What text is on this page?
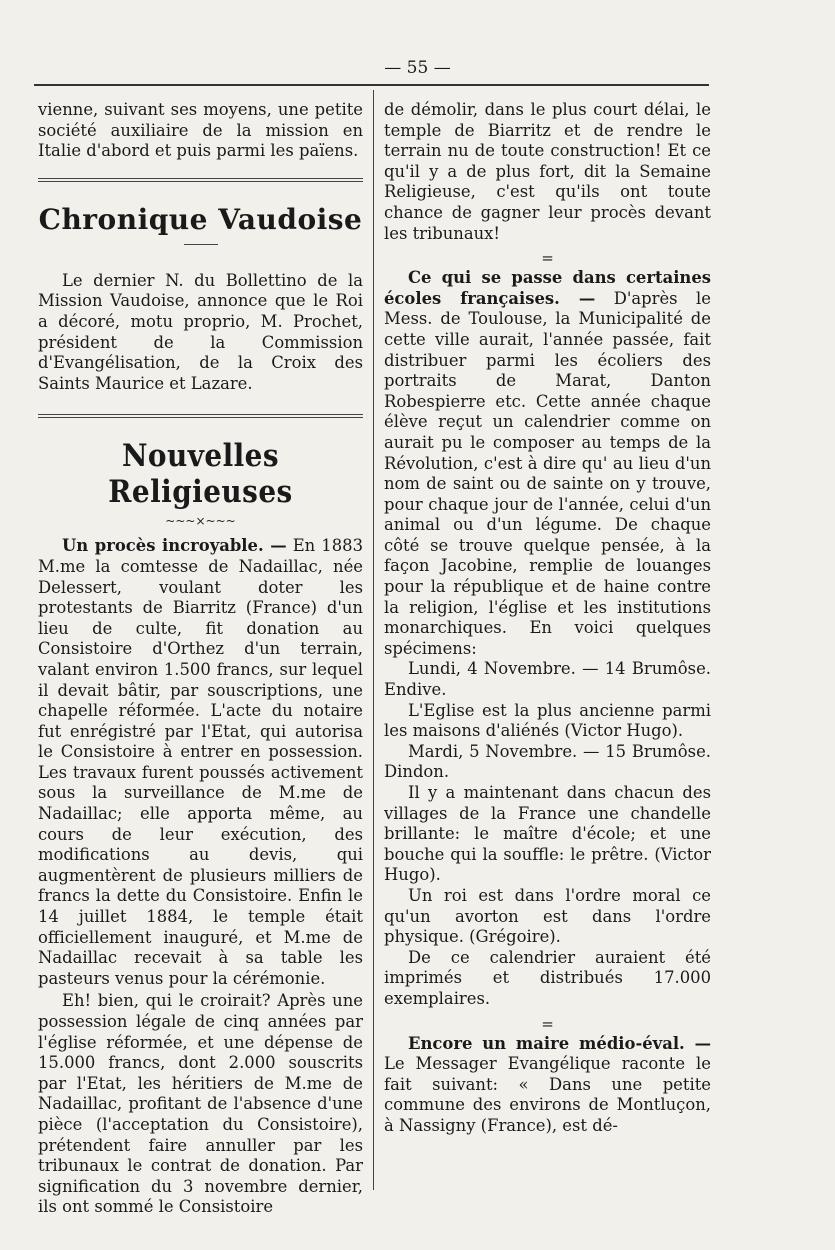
— 55 —

vienne, suivant ses moyens, une petite société auxiliaire de la mission en Italie d'abord et puis parmi les païens.

Chronique Vaudoise

Le dernier N. du Bollettino de la Mission Vaudoise, annonce que le Roi a décoré, motu proprio, M. Prochet, président de la Commission d'Evangélisation, de la Croix des Saints Maurice et Lazare.

Nouvelles Religieuses
~~~×~~~

Un procès incroyable. — En 1883 M.me la comtesse de Nadaillac, née Delessert, voulant doter les protestants de Biarritz (France) d'un lieu de culte, fit donation au Consistoire d'Orthez d'un terrain, valant environ 1.500 francs, sur lequel il devait bâtir, par souscriptions, une chapelle réformée. L'acte du notaire fut enrégistré par l'Etat, qui autorisa le Consistoire à entrer en possession. Les travaux furent poussés activement sous la surveillance de M.me de Nadaillac; elle apporta même, au cours de leur exécution, des modifications au devis, qui augmentèrent de plusieurs milliers de francs la dette du Consistoire. Enfin le 14 juillet 1884, le temple était officiellement inauguré, et M.me de Nadaillac recevait à sa table les pasteurs venus pour la cérémonie.

Eh! bien, qui le croirait? Après une possession légale de cinq années par l'église réformée, et une dépense de 15.000 francs, dont 2.000 souscrits par l'Etat, les héritiers de M.me de Nadaillac, profitant de l'absence d'une pièce (l'acceptation du Consistoire), prétendent faire annuller par les tribunaux le contrat de donation. Par signification du 3 novembre dernier, ils ont sommé le Consistoire

de démolir, dans le plus court délai, le temple de Biarritz et de rendre le terrain nu de toute construction! Et ce qu'il y a de plus fort, dit la Semaine Religieuse, c'est qu'ils ont toute chance de gagner leur procès devant les tribunaux!

=

Ce qui se passe dans certaines écoles françaises. — D'après le Mess. de Toulouse, la Municipalité de cette ville aurait, l'année passée, fait distribuer parmi les écoliers des portraits de Marat, Danton Robespierre etc. Cette année chaque élève reçut un calendrier comme on aurait pu le composer au temps de la Révolution, c'est à dire qu' au lieu d'un nom de saint ou de sainte on y trouve, pour chaque jour de l'année, celui d'un animal ou d'un légume. De chaque côté se trouve quelque pensée, à la façon Jacobine, remplie de louanges pour la république et de haine contre la religion, l'église et les institutions monarchiques. En voici quelques spécimens:

Lundi, 4 Novembre. — 14 Brumôse. Endive.

L'Eglise est la plus ancienne parmi les maisons d'aliénés (Victor Hugo).

Mardi, 5 Novembre. — 15 Brumôse. Dindon.

Il y a maintenant dans chacun des villages de la France une chandelle brillante: le maître d'école; et une bouche qui la souffle: le prêtre. (Victor Hugo).

Un roi est dans l'ordre moral ce qu'un avorton est dans l'ordre physique. (Grégoire).

De ce calendrier auraient été imprimés et distribués 17.000 exemplaires.

=

Encore un maire médio-éval. — Le Messager Evangélique raconte le fait suivant: « Dans une petite commune des environs de Montluçon, à Nassigny (France), est dé-
